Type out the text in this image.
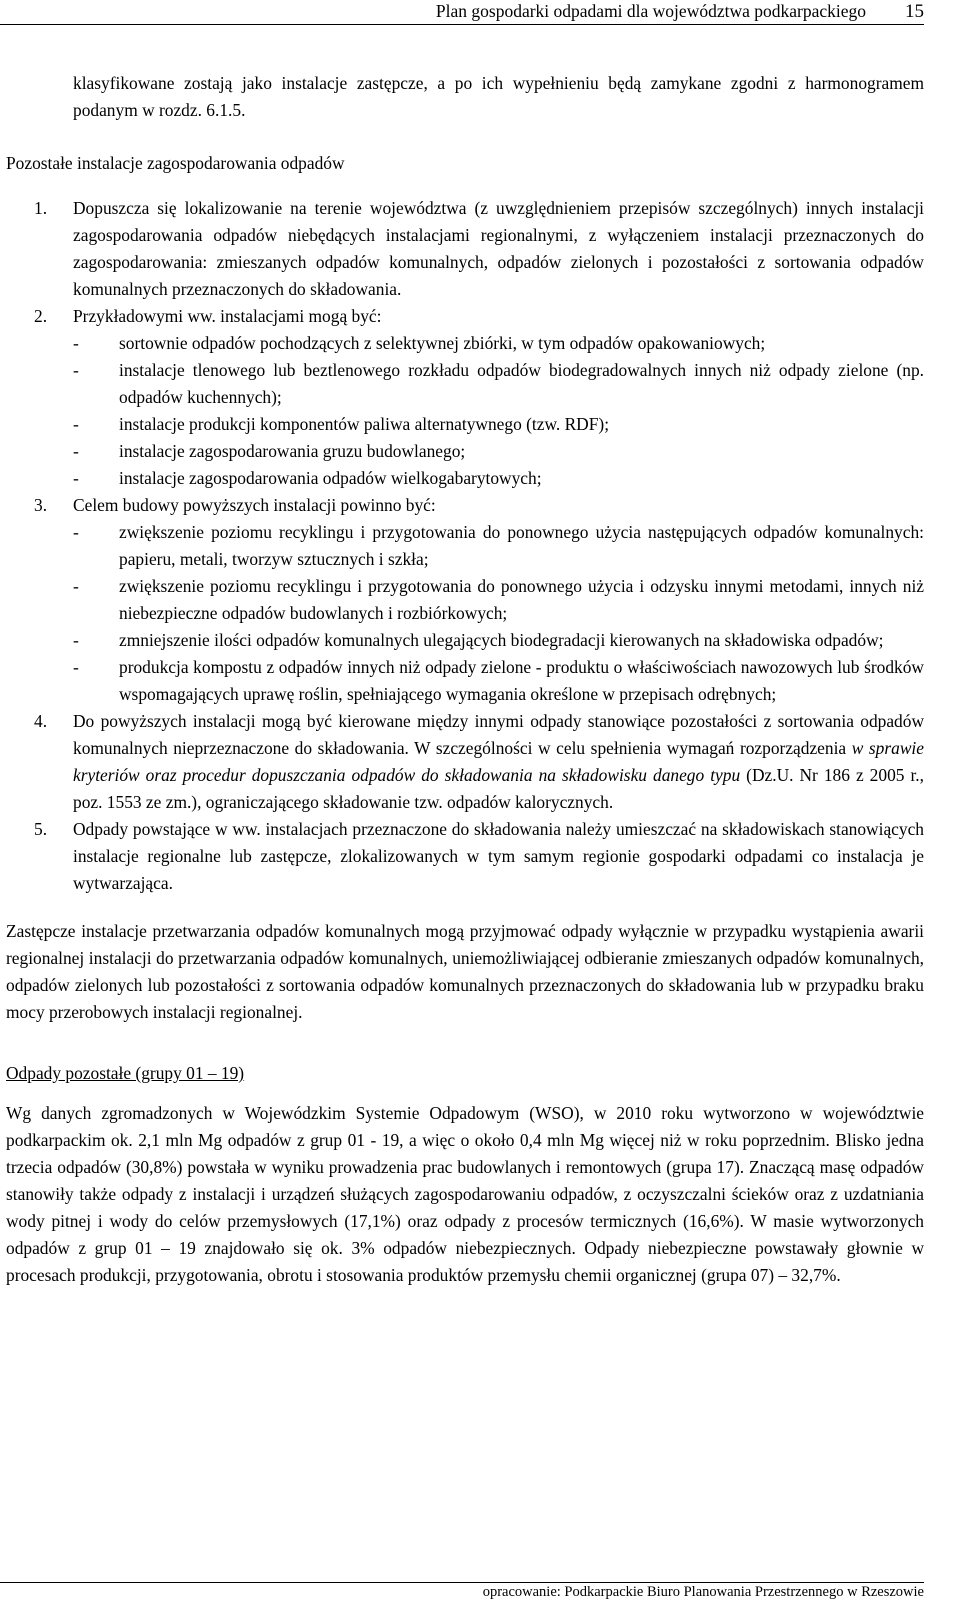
Plan gospodarki odpadami dla województwa podkarpackiego 15

klasyfikowane zostają jako instalacje zastępcze, a po ich wypełnieniu będą zamykane zgodni z harmonogramem podanym w rozdz. 6.1.5.

Pozostałe instalacje zagospodarowania odpadów

1. Dopuszcza się lokalizowanie na terenie województwa (z uwzględnieniem przepisów szczególnych) innych instalacji zagospodarowania odpadów niebędących instalacjami regionalnymi, z wyłączeniem instalacji przeznaczonych do zagospodarowania: zmieszanych odpadów komunalnych, odpadów zielonych i pozostałości z sortowania odpadów komunalnych przeznaczonych do składowania.
2. Przykładowymi ww. instalacjami mogą być:
- sortownie odpadów pochodzących z selektywnej zbiórki, w tym odpadów opakowaniowych;
- instalacje tlenowego lub beztlenowego rozkładu odpadów biodegradowalnych innych niż odpady zielone (np. odpadów kuchennych);
- instalacje produkcji komponentów paliwa alternatywnego (tzw. RDF);
- instalacje zagospodarowania gruzu budowlanego;
- instalacje zagospodarowania odpadów wielkogabarytowych;
3. Celem budowy powyższych instalacji powinno być:
- zwiększenie poziomu recyklingu i przygotowania do ponownego użycia następujących odpadów komunalnych: papieru, metali, tworzyw sztucznych i szkła;
- zwiększenie poziomu recyklingu i przygotowania do ponownego użycia i odzysku innymi metodami, innych niż niebezpieczne odpadów budowlanych i rozbiórkowych;
- zmniejszenie ilości odpadów komunalnych ulegających biodegradacji kierowanych na składowiska odpadów;
- produkcja kompostu z odpadów innych niż odpady zielone - produktu o właściwościach nawozowych lub środków wspomagających uprawę roślin, spełniającego wymagania określone w przepisach odrębnych;
4. Do powyższych instalacji mogą być kierowane między innymi odpady stanowiące pozostałości z sortowania odpadów komunalnych nieprzeznaczone do składowania. W szczególności w celu spełnienia wymagań rozporządzenia w sprawie kryteriów oraz procedur dopuszczania odpadów do składowania na składowisku danego typu (Dz.U. Nr 186 z 2005 r., poz. 1553 ze zm.), ograniczającego składowanie tzw. odpadów kalorycznych.
5. Odpady powstające w ww. instalacjach przeznaczone do składowania należy umieszczać na składowiskach stanowiących instalacje regionalne lub zastępcze, zlokalizowanych w tym samym regionie gospodarki odpadami co instalacja je wytwarzająca.

Zastępcze instalacje przetwarzania odpadów komunalnych mogą przyjmować odpady wyłącznie w przypadku wystąpienia awarii regionalnej instalacji do przetwarzania odpadów komunalnych, uniemożliwiającej odbieranie zmieszanych odpadów komunalnych, odpadów zielonych lub pozostałości z sortowania odpadów komunalnych przeznaczonych do składowania lub w przypadku braku mocy przerobowych instalacji regionalnej.

Odpady pozostałe (grupy 01 – 19)

Wg danych zgromadzonych w Wojewódzkim Systemie Odpadowym (WSO), w 2010 roku wytworzono w województwie podkarpackim ok. 2,1 mln Mg odpadów z grup 01 - 19, a więc o około 0,4 mln Mg więcej niż w roku poprzednim. Blisko jedna trzecia odpadów (30,8%) powstała w wyniku prowadzenia prac budowlanych i remontowych (grupa 17). Znaczącą masę odpadów stanowiły także odpady z instalacji i urządzeń służących zagospodarowaniu odpadów, z oczyszczalni ścieków oraz z uzdatniania wody pitnej i wody do celów przemysłowych (17,1%) oraz odpady z procesów termicznych (16,6%). W masie wytworzonych odpadów z grup 01 – 19 znajdowało się ok. 3% odpadów niebezpiecznych. Odpady niebezpieczne powstawały głownie w procesach produkcji, przygotowania, obrotu i stosowania produktów przemysłu chemii organicznej (grupa 07) – 32,7%.

opracowanie: Podkarpackie Biuro Planowania Przestrzennego w Rzeszowie
